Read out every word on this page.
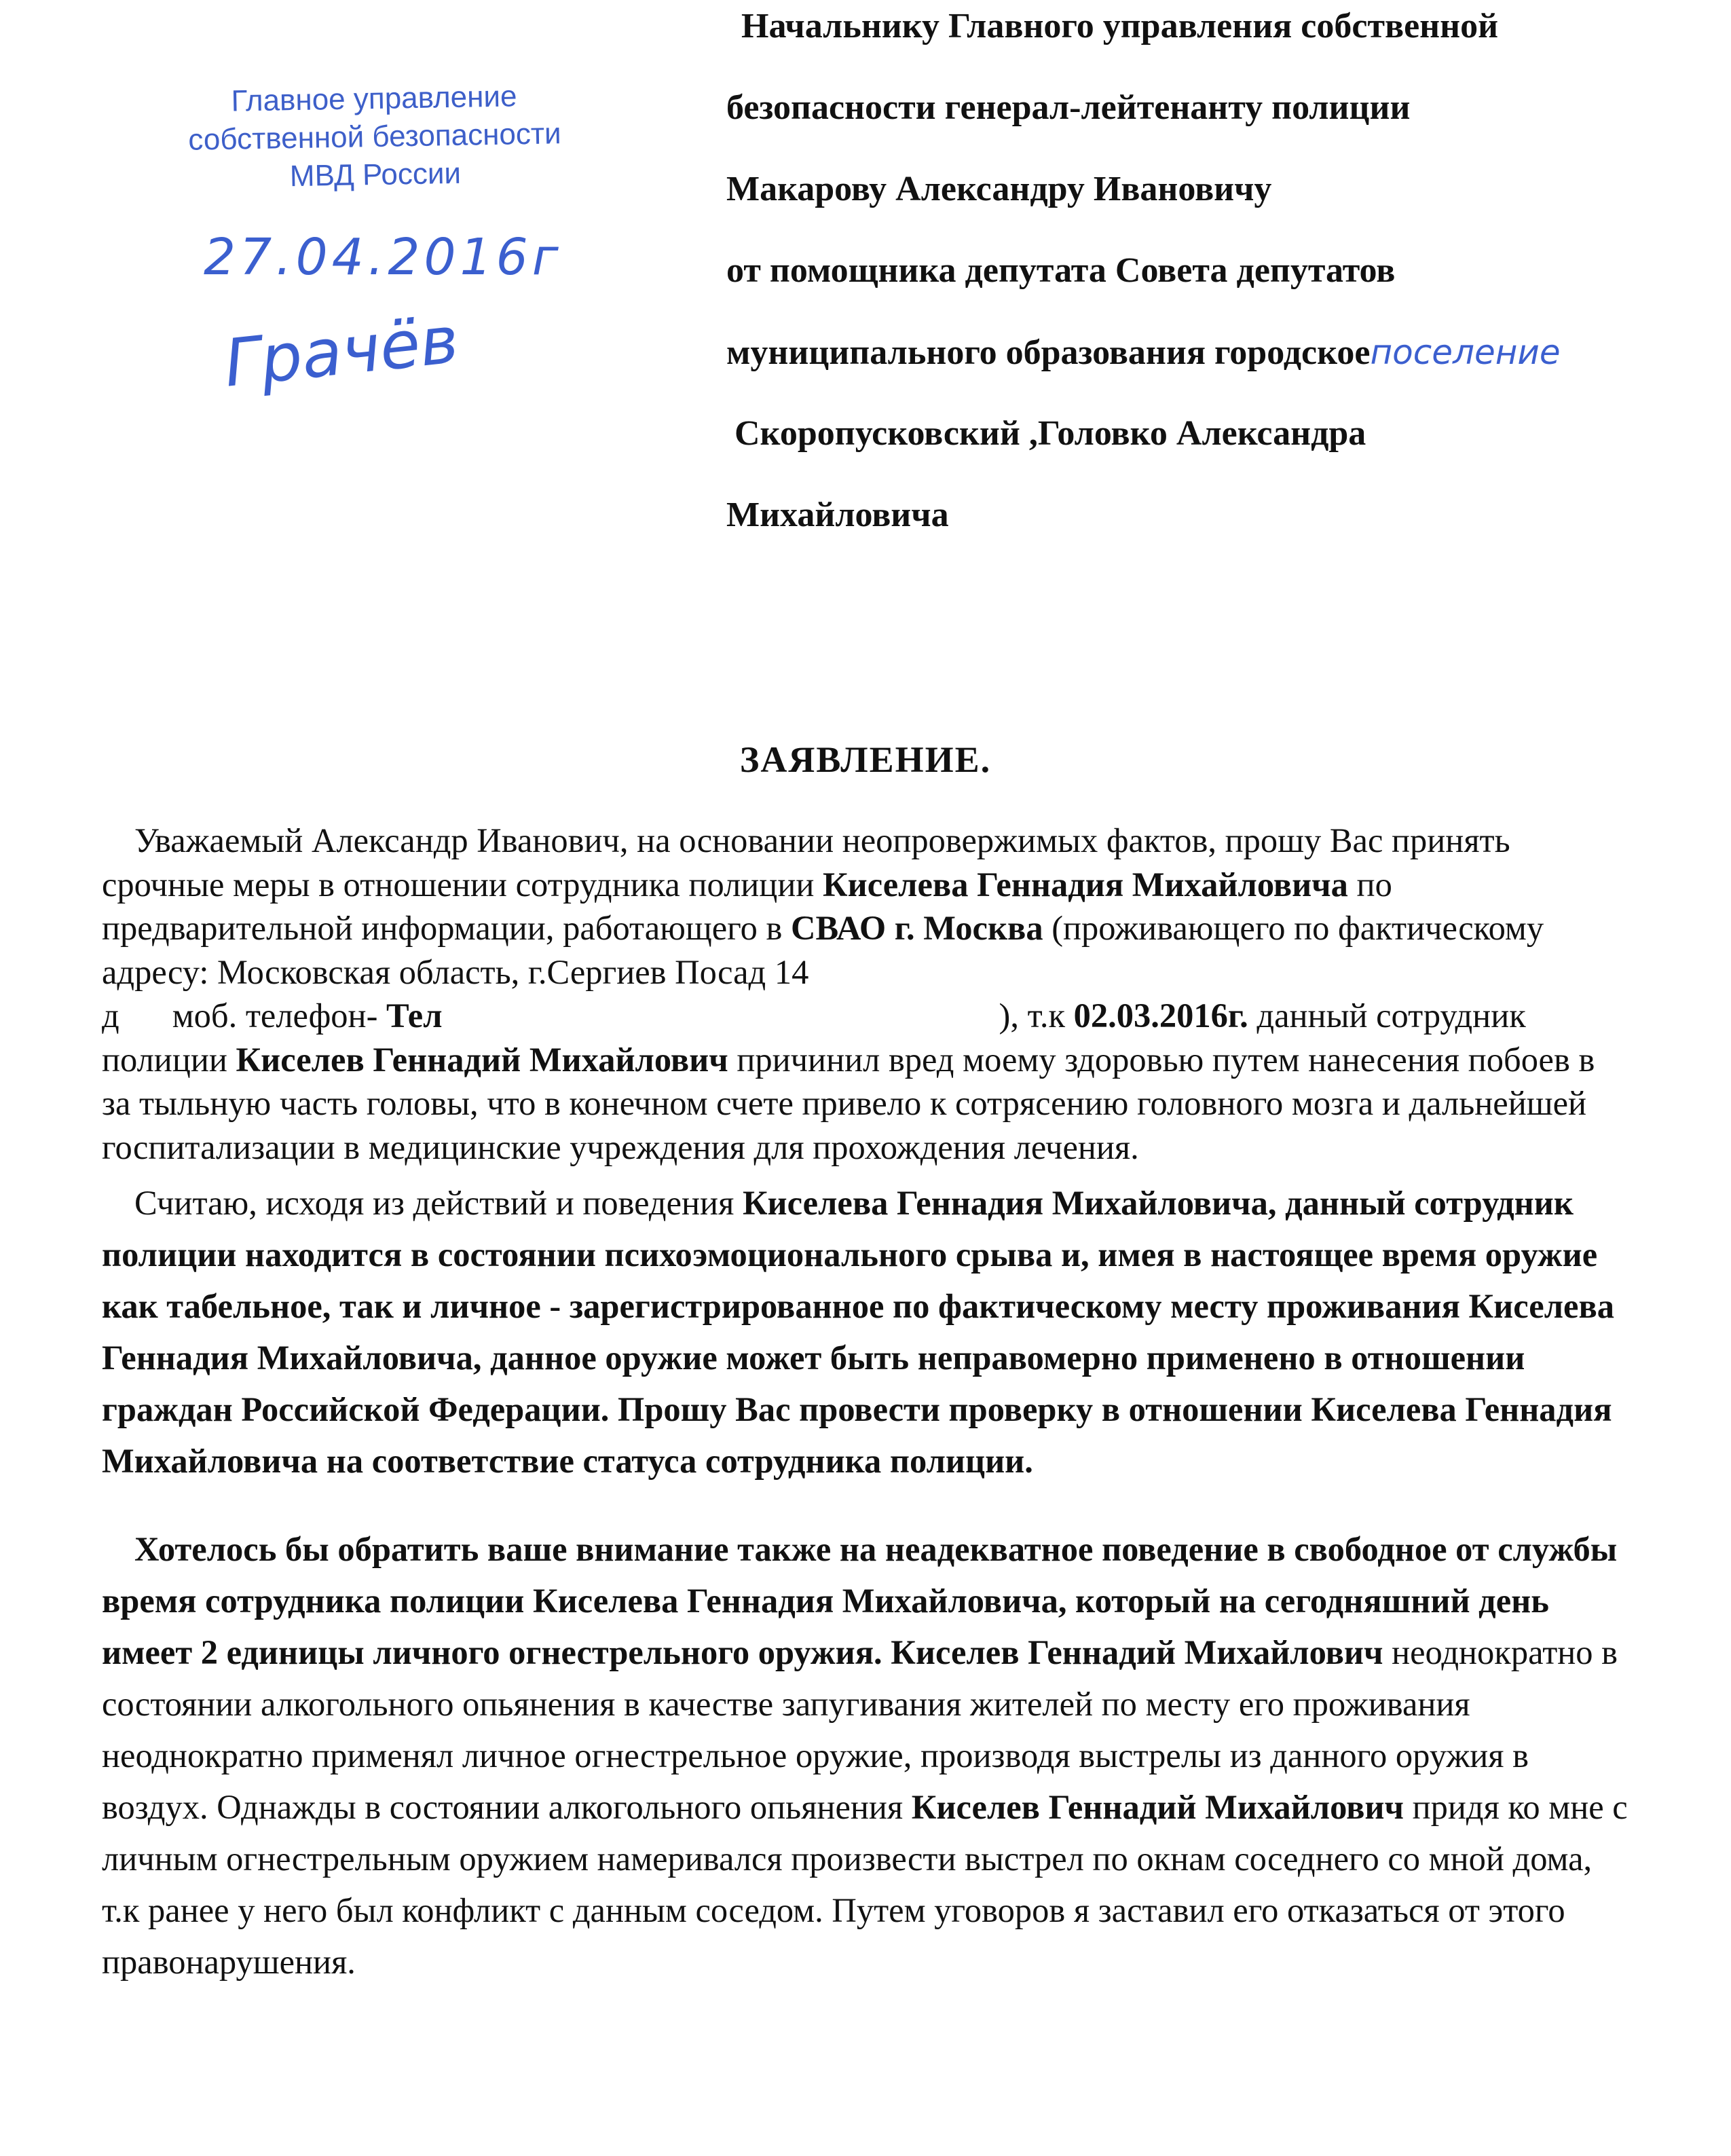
Главное управление
собственной безопасности
МВД России
27.04.2016г
Грачёв
Начальнику Главного управления собственной
безопасности генерал-лейтенанту полиции
Макарову Александру Ивановичу
от помощника депутата Совета депутатов
муниципального образования городскоепоселение
Скоропусковский ,Головко Александра
Михайловича
ЗАЯВЛЕНИЕ.

Уважаемый Александр Иванович, на основании неопровержимых фактов, прошу Вас принять срочные меры в отношении сотрудника полиции Киселева Геннадия Михайловича по предварительной информации, работающего в СВАО г. Москва (проживающего по фактическому адресу: Московская область, г.Сергиев Посад 14
д моб. телефон- Тел	), т.к 02.03.2016г. данный сотрудник полиции Киселев Геннадий Михайлович причинил вред моему здоровью путем нанесения побоев в за тыльную часть головы, что в конечном счете привело к сотрясению головного мозга и дальнейшей госпитализации в медицинские учреждения для прохождения лечения.

Считаю, исходя из действий и поведения Киселева Геннадия Михайловича, данный сотрудник полиции находится в состоянии психоэмоционального срыва и, имея в настоящее время оружие как табельное, так и личное - зарегистрированное по фактическому месту проживания Киселева Геннадия Михайловича, данное оружие может быть неправомерно применено в отношении граждан Российской Федерации. Прошу Вас провести проверку в отношении Киселева Геннадия Михайловича на соответствие статуса сотрудника полиции.

Хотелось бы обратить ваше внимание также на неадекватное поведение в свободное от службы время сотрудника полиции Киселева Геннадия Михайловича, который на сегодняшний день имеет 2 единицы личного огнестрельного оружия. Киселев Геннадий Михайлович неоднократно в состоянии алкогольного опьянения в качестве запугивания жителей по месту его проживания неоднократно применял личное огнестрельное оружие, производя выстрелы из данного оружия в воздух. Однажды в состоянии алкогольного опьянения Киселев Геннадий Михайлович придя ко мне с личным огнестрельным оружием намеривался произвести выстрел по окнам соседнего со мной дома, т.к ранее у него был конфликт с данным соседом. Путем уговоров я заставил его отказаться от этого правонарушения.
